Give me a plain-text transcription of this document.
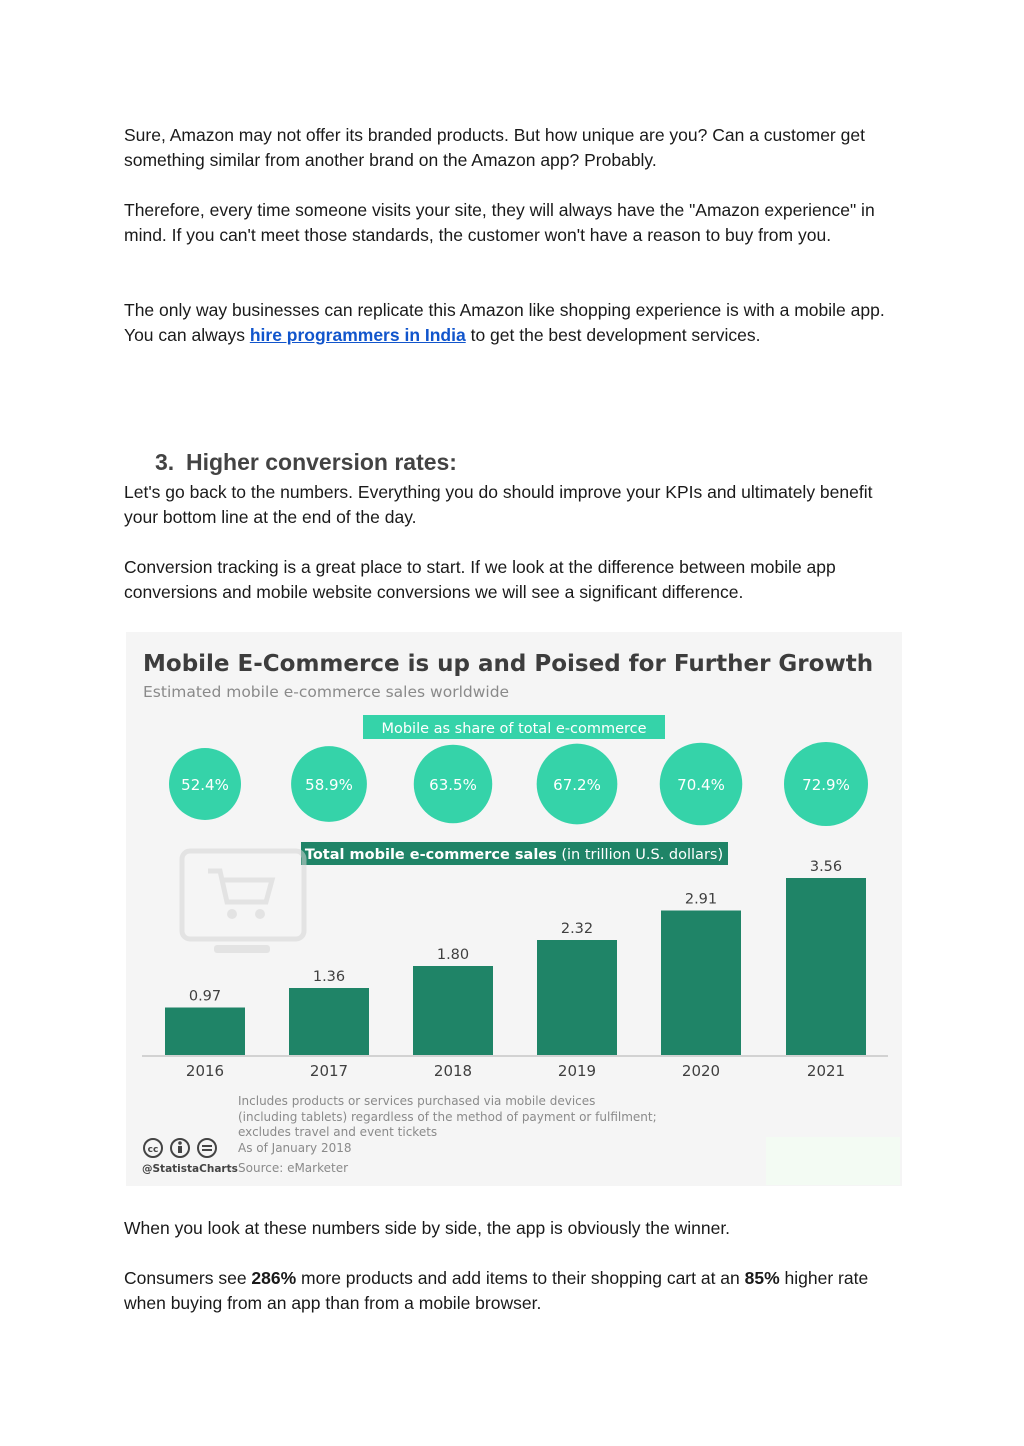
Sure, Amazon may not offer its branded products. But how unique are you? Can a customer get something similar from another brand on the Amazon app? Probably.

Therefore, every time someone visits your site, they will always have the "Amazon experience" in mind. If you can't meet those standards, the customer won't have a reason to buy from you.

The only way businesses can replicate this Amazon like shopping experience is with a mobile app. You can always hire programmers in India to get the best development services.

3. Higher conversion rates:

Let's go back to the numbers. Everything you do should improve your KPIs and ultimately benefit your bottom line at the end of the day.

Conversion tracking is a great place to start. If we look at the difference between mobile app conversions and mobile website conversions we will see a significant difference.

Mobile E-Commerce is up and Poised for Further Growth
Estimated mobile e-commerce sales worldwide
Mobile as share of total e-commerce
52.4%	58.9%	63.5%	67.2%	70.4%	72.9%
Total mobile e-commerce sales (in trillion U.S. dollars)
0.97
2016
1.36
2017
1.80
2018
2.32
2019
2.91
2020
3.56
2021
Includes products or services purchased via mobile devices
(including tablets) regardless of the method of payment or fulfilment;
excludes travel and event tickets
As of January 2018
Source: eMarketer
cc
@StatistaCharts

When you look at these numbers side by side, the app is obviously the winner.

Consumers see 286% more products and add items to their shopping cart at an 85% higher rate when buying from an app than from a mobile browser.
